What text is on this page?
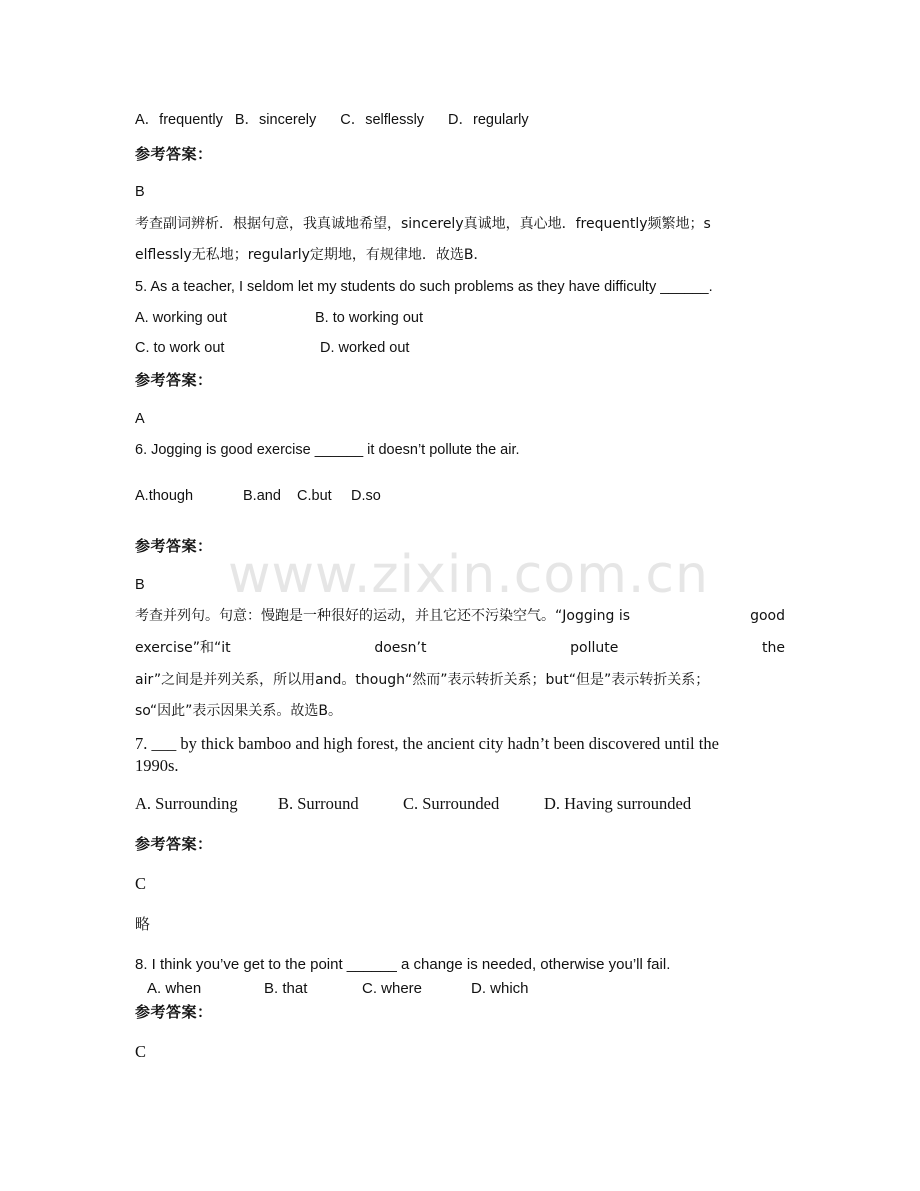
www.zixin.com.cn
A．frequently B．sincerely C．selflessly D．regularly
参考答案：
B
考查副词辨析．根据句意，我真诚地希望，sincerely真诚地，真心地．frequently频繁地；s
elflessly无私地；regularly定期地，有规律地．故选B．
5. As a teacher, I seldom let my students do such problems as they have difficulty ______.
A. working out	B. to working out
C. to work out	D. worked out
参考答案：
A
6. Jogging is good exercise ______ it doesn’t pollute the air.
A.though	B.and C.but D.so
参考答案：
B
考查并列句。句意：慢跑是一种很好的运动，并且它还不污染空气。“Jogging is	good
exercise”和“it	doesn’t	pollute	the
air”之间是并列关系，所以用and。though“然而”表示转折关系；but“但是”表示转折关系；
so“因此”表示因果关系。故选B。
7. ___ by thick bamboo and high forest, the ancient city hadn’t been discovered until the
1990s.
A. Surrounding B. Surround	C. Surrounded	D. Having surrounded
参考答案：
C
略
8. I think you’ve get to the point ______ a change is needed, otherwise you’ll fail.
A. when	B. that	C. where	D. which
参考答案：
C
